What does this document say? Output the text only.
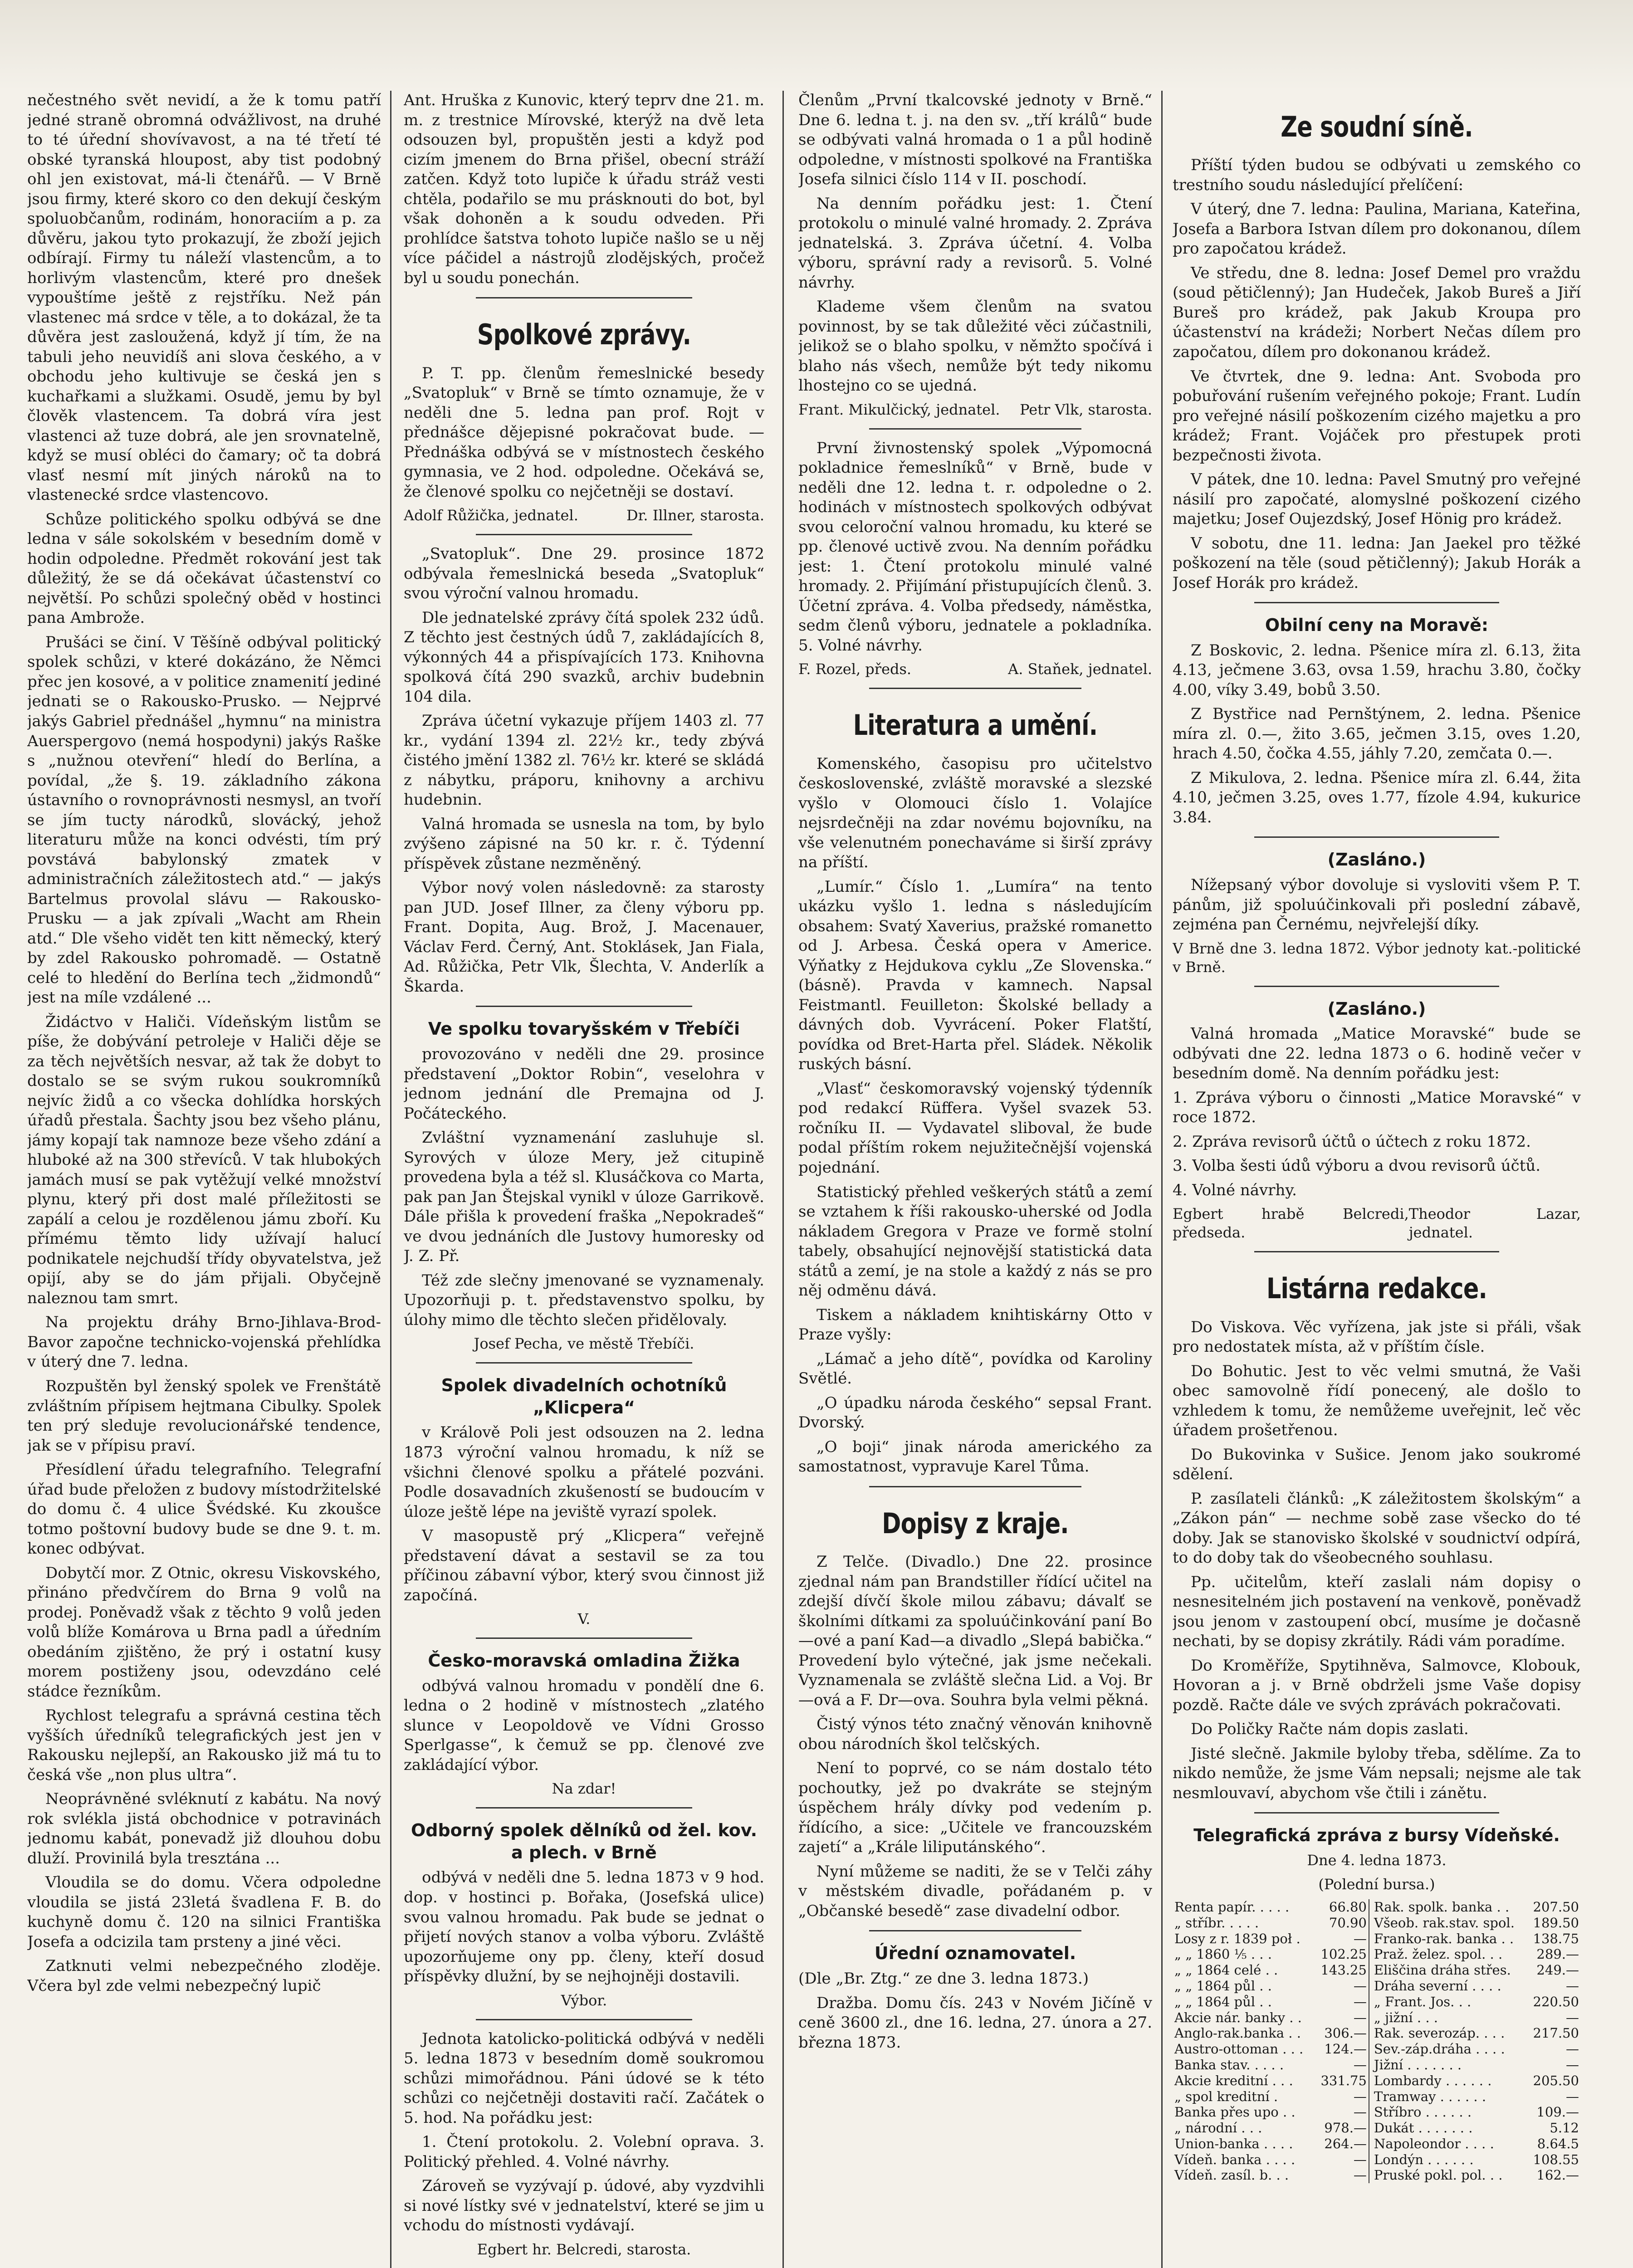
nečestného svět nevidí, a že k tomu patří jedné straně obromná odvážlivost, na druhé to té úřední shovívavost, a na té třetí té obské tyranská hloupost, aby tist podobný ohl jen existovat, má-li čtenářů. — V Brně jsou firmy, které skoro co den dekují českým spoluobčanům, rodinám, honoraciím a p. za důvěru, jakou tyto prokazují, že zboží jejich odbírají. Firmy tu náleží vlastencům, a to horlivým vlastencům, které pro dnešek vypouštíme ještě z rejstříku. Než pán vlastenec má srdce v těle, a to dokázal, že ta důvěra jest zasloužená, když jí tím, že na tabuli jeho neuvidíš ani slova českého, a v obchodu jeho kultivuje se česká jen s kuchařkami a služkami. Osudě, jemu by byl člověk vlastencem. Ta dobrá víra jest vlastenci až tuze dobrá, ale jen srovnatelně, když se musí obléci do čamary; oč ta dobrá vlasť nesmí mít jiných nároků na to vlastenecké srdce vlastencovo.

Schůze politického spolku odbývá se dne ledna v sále sokolském v besedním domě v hodin odpoledne. Předmět rokování jest tak důležitý, že se dá očekávat účastenství co největší. Po schůzi společný oběd v hostinci pana Ambrože.

Prušáci se činí. V Těšíně odbýval politický spolek schůzi, v které dokázáno, že Němci přec jen kosové, a v politice znamenití jediné jednati se o Rakousko-Prusko. — Nejprvé jakýs Gabriel přednášel „hymnu“ na ministra Auerspergovo (nemá hospodyni) jakýs Raške s „nužnou otevření“ hledí do Berlína, a povídal, „že §. 19. základního zákona ústavního o rovnoprávnosti nesmysl, an tvoří se jím tucty národků, slovácký, jehož literaturu může na konci odvésti, tím prý povstává babylonský zmatek v administračních záležitostech atd.“ — jakýs Bartelmus provolal slávu — Rakousko-Prusku — a jak zpívali „Wacht am Rhein atd.“ Dle všeho vidět ten kitt německý, který by zdel Rakousko pohromadě. — Ostatně celé to hledění do Berlína tech „židmondů“ jest na míle vzdálené ...

Židáctvo v Haliči. Vídeňským listům se píše, že dobývání petroleje v Haliči děje se za těch největších nesvar, až tak že dobyt to dostalo se se svým rukou soukromníků nejvíc židů a co všecka dohlídka horských úřadů přestala. Šachty jsou bez všeho plánu, jámy kopají tak namnoze beze všeho zdání a hluboké až na 300 střevíců. V tak hlubokých jamách musí se pak vytěžují velké množství plynu, který při dost malé příležitosti se zapálí a celou je rozdělenou jámu zboří. Ku přímému těmto lidy užívají halucí podnikatele nejchudší třídy obyvatelstva, jež opijí, aby se do jám přijali. Obyčejně naleznou tam smrt.

Na projektu dráhy Brno-Jihlava-Brod-Bavor započne technicko-vojenská přehlídka v úterý dne 7. ledna.

Rozpuštěn byl ženský spolek ve Frenštátě zvláštním přípisem hejtmana Cibulky. Spolek ten prý sleduje revolucionářské tendence, jak se v přípisu praví.

Přesídlení úřadu telegrafního. Telegrafní úřad bude přeložen z budovy místodržitelské do domu č. 4 ulice Švédské. Ku zkoušce totmo poštovní budovy bude se dne 9. t. m. konec odbývat.

Dobytčí mor. Z Otnic, okresu Viskovského, přináno předvčírem do Brna 9 volů na prodej. Poněvadž však z těchto 9 volů jeden volů blíže Komárova u Brna padl a úředním obedáním zjištěno, že prý i ostatní kusy morem postiženy jsou, odevzdáno celé stádce řezníkům.

Rychlost telegrafu a správná cestina těch vyšších úředníků telegrafických jest jen v Rakousku nejlepší, an Rakousko již má tu to česká vše „non plus ultra“.

Neoprávněné svléknutí z kabátu. Na nový rok svlékla jistá obchodnice v potravinách jednomu kabát, ponevadž již dlouhou dobu dluží. Provinilá byla tresztána ...

Vloudila se do domu. Včera odpoledne vloudila se jistá 23letá švadlena F. B. do kuchyně domu č. 120 na silnici Františka Josefa a odcizila tam prsteny a jiné věci.

Zatknuti velmi nebezpečného zloděje. Včera byl zde velmi nebezpečný lupič

Ant. Hruška z Kunovic, který teprv dne 21. m. m. z trestnice Mírovské, kterýž na dvě leta odsouzen byl, propuštěn jesti a když pod cizím jmenem do Brna přišel, obecní stráží zatčen. Když toto lupiče k úřadu stráž vesti chtěla, podařilo se mu prásknouti do bot, byl však dohoněn a k soudu odveden. Při prohlídce šatstva tohoto lupiče našlo se u něj více páčidel a nástrojů zlodějských, pročež byl u soudu ponechán.

Spolkové zprávy.

P. T. pp. členům řemeslnické besedy „Svatopluk“ v Brně se tímto oznamuje, že v neděli dne 5. ledna pan prof. Rojt v přednášce dějepisné pokračovat bude. — Přednáška odbývá se v místnostech českého gymnasia, ve 2 hod. odpoledne. Očekává se, že členové spolku co nejčetněji se dostaví.

Adolf Růžička, jednatel.	Dr. Illner, starosta.

„Svatopluk“. Dne 29. prosince 1872 odbývala řemeslnická beseda „Svatopluk“ svou výroční valnou hromadu.

Dle jednatelské zprávy čítá spolek 232 údů. Z těchto jest čestných údů 7, zakládajících 8, výkonných 44 a přispívajících 173. Knihovna spolková čítá 290 svazků, archiv budebnin 104 dila.

Zpráva účetní vykazuje příjem 1403 zl. 77 kr., vydání 1394 zl. 22½ kr., tedy zbývá čistého jmění 1382 zl. 76½ kr. které se skládá z nábytku, práporu, knihovny a archivu hudebnin.

Valná hromada se usnesla na tom, by bylo zvýšeno zápisné na 50 kr. r. č. Týdenní příspěvek zůstane nezměněný.

Výbor nový volen následovně: za starosty pan JUD. Josef Illner, za členy výboru pp. Frant. Dopita, Aug. Brož, J. Macenauer, Václav Ferd. Černý, Ant. Stoklásek, Jan Fiala, Ad. Růžička, Petr Vlk, Šlechta, V. Anderlík a Škarda.

Ve spolku tovaryšském v Třebíči

provozováno v neděli dne 29. prosince představení „Doktor Robin“, veselohra v jednom jednání dle Premajna od J. Počáteckého.

Zvláštní vyznamenání zasluhuje sl. Syrových v úloze Mery, jež citupině provedena byla a též sl. Klusáčkova co Marta, pak pan Jan Štejskal vynikl v úloze Garrikově. Dále přišla k provedení fraška „Nepokradeš“ ve dvou jednáních dle Justovy humoresky od J. Z. Př.

Též zde slečny jmenované se vyznamenaly. Upozorňuji p. t. představenstvo spolku, by úlohy mimo dle těchto slečen přidělovaly.

Josef Pecha, ve městě Třebíči.
Spolek divadelních ochotníků „Klicpera“

v Králově Poli jest odsouzen na 2. ledna 1873 výroční valnou hromadu, k níž se všichni členové spolku a přátelé pozváni. Podle dosavadních zkušeností se budoucím v úloze ještě lépe na jeviště vyrazí spolek.

V masopustě prý „Klicpera“ veřejně představení dávat a sestavil se za tou příčinou zábavní výbor, který svou činnost již započíná.

V.
Česko-moravská omladina Žižka

odbývá valnou hromadu v pondělí dne 6. ledna o 2 hodině v místnostech „zlatého slunce v Leopoldově ve Vídni Grosso Sperlgasse“, k čemuž se pp. členové zve zakládající výbor.

Na zdar!
Odborný spolek dělníků od žel. kov. a plech. v Brně

odbývá v neděli dne 5. ledna 1873 v 9 hod. dop. v hostinci p. Bořaka, (Josefská ulice) svou valnou hromadu. Pak bude se jednat o přijetí nových stanov a volba výboru. Zvláště upozorňujeme ony pp. členy, kteří dosud příspěvky dlužní, by se nejhojněji dostavili.

Výbor.

Jednota katolicko-politická odbývá v neděli 5. ledna 1873 v besedním domě soukromou schůzi mimořádnou. Páni údové se k této schůzi co nejčetněji dostaviti račí. Začátek o 5. hod. Na pořádku jest:

1. Čtení protokolu. 2. Volební oprava. 3. Politický přehled. 4. Volné návrhy.

Zároveň se vyzývají p. údové, aby vyzdvihli si nové lístky své v jednatelství, které se jim u vchodu do místnosti vydávají.

Egbert hr. Belcredi, starosta.

Členům „První tkalcovské jednoty v Brně.“ Dne 6. ledna t. j. na den sv. „tří králů“ bude se odbývati valná hromada o 1 a půl hodině odpoledne, v místnosti spolkové na Františka Josefa silnici číslo 114 v II. poschodí.

Na denním pořádku jest: 1. Čtení protokolu o minulé valné hromady. 2. Zpráva jednatelská. 3. Zpráva účetní. 4. Volba výboru, správní rady a revisorů. 5. Volné návrhy.

Klademe všem členům na svatou povinnost, by se tak důležité věci zúčastnili, jelikož se o blaho spolku, v němžto spočívá i blaho nás všech, nemůže být tedy nikomu lhostejno co se ujedná.

Frant. Mikulčický, jednatel. Petr Vlk, starosta.

První živnostenský spolek „Výpomocná pokladnice řemeslníků“ v Brně, bude v neděli dne 12. ledna t. r. odpoledne o 2. hodinách v místnostech spolkových odbývat svou celoroční valnou hromadu, ku které se pp. členové uctivě zvou. Na denním pořádku jest: 1. Čtení protokolu minulé valné hromady. 2. Přijímání přistupujících členů. 3. Účetní zpráva. 4. Volba předsedy, náměstka, sedm členů výboru, jednatele a pokladníka. 5. Volné návrhy.

F. Rozel, předs.	A. Staňek, jednatel.
Literatura a umění.

Komenského, časopisu pro učitelstvo československé, zvláště moravské a slezské vyšlo v Olomouci číslo 1. Volajíce nejsrdečněji na zdar novému bojovníku, na vše velenutném ponechaváme si širší zprávy na příští.

„Lumír.“ Číslo 1. „Lumíra“ na tento ukázku vyšlo 1. ledna s následujícím obsahem: Svatý Xaverius, pražské romanetto od J. Arbesa. Česká opera v Americe. Výňatky z Hejdukova cyklu „Ze Slovenska.“ (básně). Pravda v kamnech. Napsal Feistmantl. Feuilleton: Školské bellady a dávných dob. Vyvrácení. Poker Flatští, povídka od Bret-Harta přel. Sládek. Několik ruských básní.

„Vlasť“ českomoravský vojenský týdenník pod redakcí Rüffera. Vyšel svazek 53. ročníku II. — Vydavatel sliboval, že bude podal příštím rokem nejužitečnější vojenská pojednání.

Statistický přehled veškerých států a zemí se vztahem k říši rakousko-uherské od Jodla nákladem Gregora v Praze ve formě stolní tabely, obsahující nejnovější statistická data států a zemí, je na stole a každý z nás se pro něj odměnu dává.

Tiskem a nákladem knihtiskárny Otto v Praze vyšly:

„Lámač a jeho dítě“, povídka od Karoliny Světlé.

„O úpadku národa českého“ sepsal Frant. Dvorský.

„O boji“ jinak národa amerického za samostatnost, vypravuje Karel Tůma.

Dopisy z kraje.

Z Telče. (Divadlo.) Dne 22. prosince zjednal nám pan Brandstiller řídící učitel na zdejší dívčí škole milou zábavu; dávalť se školními dítkami za spoluúčinkování paní Bo—ové a paní Kad—a divadlo „Slepá babička.“ Provedení bylo výtečné, jak jsme nečekali. Vyznamenala se zvláště slečna Lid. a Voj. Br—ová a F. Dr—ova. Souhra byla velmi pěkná.

Čistý výnos této značný věnován knihovně obou národních škol telčských.

Není to poprvé, co se nám dostalo této pochoutky, jež po dvakráte se stejným úspěchem hrály dívky pod vedením p. řídícího, a sice: „Učitele ve francouzském zajetí“ a „Krále liliputánského“.

Nyní můžeme se naditi, že se v Telči záhy v městském divadle, pořádaném p. v „Občanské besedě“ zase divadelní odbor.

Úřední oznamovatel.

(Dle „Br. Ztg.“ ze dne 3. ledna 1873.)

Dražba. Domu čís. 243 v Novém Jičíně v ceně 3600 zl., dne 16. ledna, 27. února a 27. března 1873.

Ze soudní síně.

Příští týden budou se odbývati u zemského co trestního soudu následující přelíčení:

V úterý, dne 7. ledna: Paulina, Mariana, Kateřina, Josefa a Barbora Istvan dílem pro dokonanou, dílem pro započatou krádež.

Ve středu, dne 8. ledna: Josef Demel pro vraždu (soud pětičlenný); Jan Hudeček, Jakob Bureš a Jiří Bureš pro krádež, pak Jakub Kroupa pro účastenství na krádeži; Norbert Nečas dílem pro započatou, dílem pro dokonanou krádež.

Ve čtvrtek, dne 9. ledna: Ant. Svoboda pro pobuřování rušením veřejného pokoje; Frant. Ludín pro veřejné násilí poškozením cizého majetku a pro krádež; Frant. Vojáček pro přestupek proti bezpečnosti života.

V pátek, dne 10. ledna: Pavel Smutný pro veřejné násilí pro započaté, alomyslné poškození cizého majetku; Josef Oujezdský, Josef Hönig pro krádež.

V sobotu, dne 11. ledna: Jan Jaekel pro těžké poškození na těle (soud pětičlenný); Jakub Horák a Josef Horák pro krádež.

Obilní ceny na Moravě:

Z Boskovic, 2. ledna. Pšenice míra zl. 6.13, žita 4.13, ječmene 3.63, ovsa 1.59, hrachu 3.80, čočky 4.00, víky 3.49, bobů 3.50.

Z Bystřice nad Pernštýnem, 2. ledna. Pšenice míra zl. 0.—, žito 3.65, ječmen 3.15, oves 1.20, hrach 4.50, čočka 4.55, jáhly 7.20, zemčata 0.—.

Z Mikulova, 2. ledna. Pšenice míra zl. 6.44, žita 4.10, ječmen 3.25, oves 1.77, fízole 4.94, kukurice 3.84.

(Zasláno.)

Nížepsaný výbor dovoluje si vysloviti všem P. T. pánům, již spoluúčinkovali při poslední zábavě, zejména pan Černému, nejvřelejší díky.

V Brně dne 3. ledna 1872. Výbor jednoty kat.-politické v Brně.
(Zasláno.)

Valná hromada „Matice Moravské“ bude se odbývati dne 22. ledna 1873 o 6. hodině večer v besedním domě. Na denním pořádku jest:

1. Zpráva výboru o činnosti „Matice Moravské“ v roce 1872.

2. Zpráva revisorů účtů o účtech z roku 1872.

3. Volba šesti údů výboru a dvou revisorů účtů.

4. Volné návrhy.

Egbert hrabě Belcredi, předseda.
Theodor Lazar, jednatel.
Listárna redakce.

Do Viskova. Věc vyřízena, jak jste si přáli, však pro nedostatek místa, až v příštím čísle.

Do Bohutic. Jest to věc velmi smutná, že Vaši obec samovolně řídí ponecený, ale došlo to vzhledem k tomu, že nemůžeme uveřejnit, leč věc úřadem prošetřenou.

Do Bukovinka v Sušice. Jenom jako soukromé sdělení.

P. zasílateli článků: „K záležitostem školským“ a „Zákon pán“ — nechme sobě zase všecko do té doby. Jak se stanovisko školské v soudnictví odpírá, to do doby tak do všeobecného souhlasu.

Pp. učitelům, kteří zaslali nám dopisy o nesnesitelném jich postavení na venkově, poněvadž jsou jenom v zastoupení obcí, musíme je dočasně nechati, by se dopisy zkrátily. Rádi vám poradíme.

Do Kroměříže, Spytihněva, Salmovce, Klobouk, Hovoran a j. v Brně obdrželi jsme Vaše dopisy pozdě. Račte dále ve svých zprávách pokračovati.

Do Poličky Račte nám dopis zaslati.

Jisté slečně. Jakmile byloby třeba, sdělíme. Za to nikdo nemůže, že jsme Vám nepsali; nejsme ale tak nesmlouvaví, abychom vše čtili i zánětu.

Telegrafická zpráva z bursy Vídeňské.
Dne 4. ledna 1873.
(Polední bursa.)
Renta papír. . . . .	66.80	Rak. spolk. banka . .	207.50
„ stříbr. . . . .	70.90	Všeob. rak.stav. spol.	189.50
Losy z r. 1839 poł .	—	Franko-rak. banka . .	138.75
„ „ 1860 ⅕ . . .	102.25	Praž. želez. spol. . .	289.—
„ „ 1864 celé . .	143.25	Eliščina dráha střes.	249.—
„ „ 1864 půl . .	—	Dráha severní . . . .	—
„ „ 1864 půl . .	—	„ Frant. Jos. . .	220.50
Akcie nár. banky . .	—	„ jižní . . .	—
Anglo-rak.banka . .	306.—	Rak. severozáp. . . .	217.50
Austro-ottoman . . .	124.—	Sev.-záp.dráha . . . .	—
Banka stav. . . . .	—	Jižní . . . . . . .	—
Akcie kreditní . . .	331.75	Lombardy . . . . . .	205.50
„ spol kreditní .	—	Tramway . . . . . .	—
Banka přes upo . .	—	Stříbro . . . . . .	109.—
„ národní . . .	978.—	Dukát . . . . . . .	5.12
Union-banka . . . .	264.—	Napoleondor . . . .	8.64.5
Vídeň. banka . . . .	—	Londýn . . . . . .	108.55
Vídeň. zasíl. b. . .	—	Pruské pokl. pol. . .	162.—
